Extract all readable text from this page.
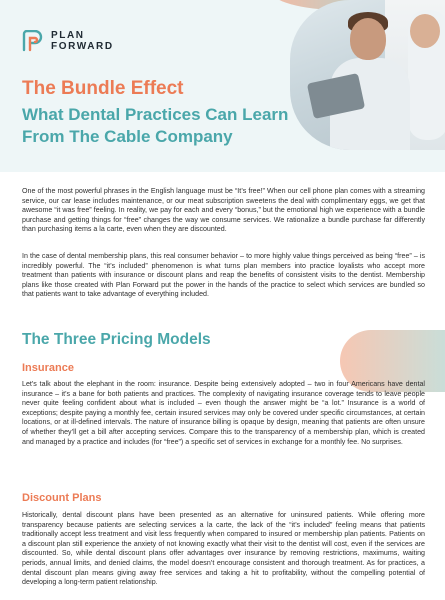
PLAN
FORWARD
The Bundle Effect
What Dental Practices Can Learn From The Cable Company

One of the most powerful phrases in the English language must be “It’s free!” When our cell phone plan comes with a streaming service, our car lease includes maintenance, or our meat subscription sweetens the deal with complimentary eggs, we get that awesome “it was free” feeling. In reality, we pay for each and every “bonus,” but the emotional high we experience with a bundle purchase and getting things for “free” changes the way we consume services. We rationalize a bundle purchase far differently than purchasing items a la carte, even when they are discounted.

In the case of dental membership plans, this real consumer behavior – to more highly value things perceived as being “free” – is incredibly powerful. The “it’s included” phenomenon is what turns plan members into practice loyalists who accept more treatment than patients with insurance or discount plans and reap the benefits of consistent visits to the dentist. Membership plans like those created with Plan Forward put the power in the hands of the practice to select which services are bundled so that patients want to take advantage of everything included.

The Three Pricing Models
Insurance

Let’s talk about the elephant in the room: insurance. Despite being extensively adopted – two in four Americans have dental insurance – it’s a bane for both patients and practices. The complexity of navigating insurance coverage tends to leave people never quite feeling confident about what is included – even though the answer might be “a lot.” Insurance is a world of exceptions; despite paying a monthly fee, certain insured services may only be covered under specific circumstances, at certain locations, or at ill-defined intervals. The nature of insurance billing is opaque by design, meaning that patients are often unsure of whether they’ll get a bill after accepting services. Compare this to the transparency of a membership plan, which is created and managed by a practice and includes (for “free”) a specific set of services in exchange for a monthly fee. No surprises.

Discount Plans

Historically, dental discount plans have been presented as an alternative for uninsured patients. While offering more transparency because patients are selecting services a la carte, the lack of the “it’s included” feeling means that patients traditionally accept less treatment and visit less frequently when compared to insured or membership plan patients. Patients on a discount plan still experience the anxiety of not knowing exactly what their visit to the dentist will cost, even if the services are discounted. So, while dental discount plans offer advantages over insurance by removing restrictions, maximums, waiting periods, annual limits, and denied claims, the model doesn’t encourage consistent and thorough treatment. As for practices, a dental discount plan means giving away free services and taking a hit to profitability, without the compelling potential of developing a long-term patient relationship.
